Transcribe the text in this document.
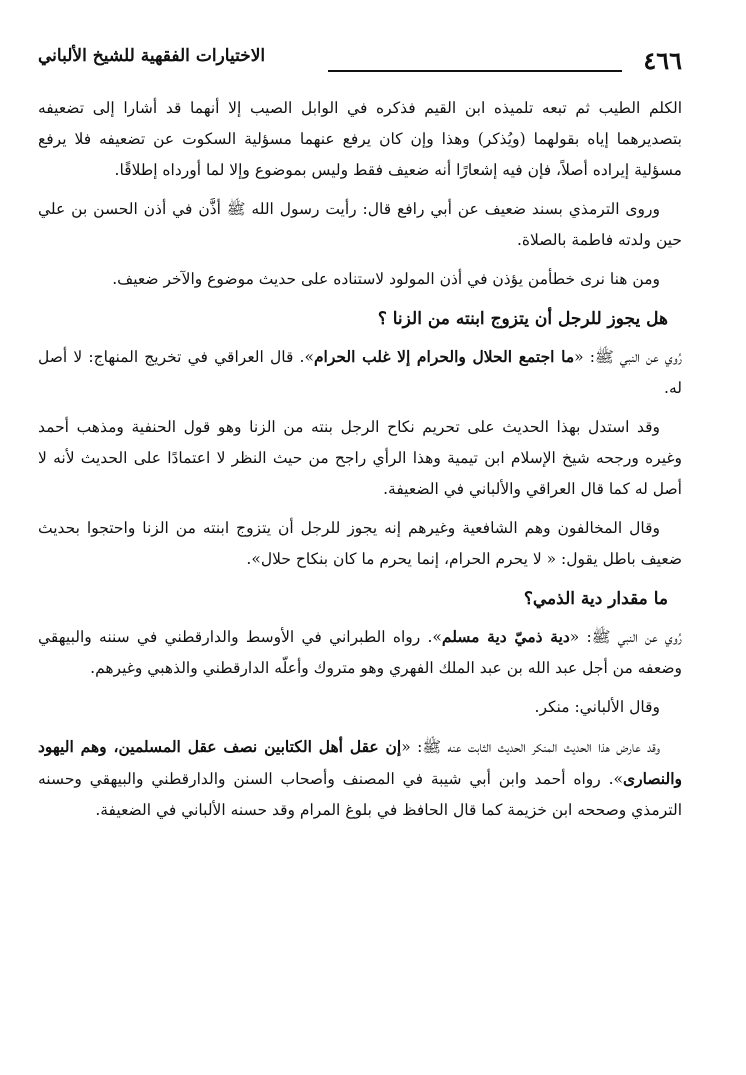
٤٦٦
الاختيارات الفقهية للشيخ الألباني

الكلم الطيب ثم تبعه تلميذه ابن القيم فذكره في الوابل الصيب إلا أنهما قد أشارا إلى تضعيفه بتصديرهما إياه بقولهما (ويُذكر) وهذا وإن كان يرفع عنهما مسؤلية السكوت عن تضعيفه فلا يرفع مسؤلية إيراده أصلاً، فإن فيه إشعارًا أنه ضعيف فقط وليس بموضوع وإلا لما أورداه إطلاقًا.

وروى الترمذي بسند ضعيف عن أبي رافع قال: رأيت رسول الله ﷺ أذَّن في أذن الحسن بن علي حين ولدته فاطمة بالصلاة.

ومن هنا نرى خطأمن يؤذن في أذن المولود لاستناده على حديث موضوع والآخر ضعيف.

هل يجوز للرجل أن يتزوج ابنته من الزنا ؟

رُوي عن النبي ﷺ: «ما اجتمع الحلال والحرام إلا غلب الحرام». قال العراقي في تخريج المنهاج: لا أصل له.

وقد استدل بهذا الحديث على تحريم نكاح الرجل بنته من الزنا وهو قول الحنفية ومذهب أحمد وغيره ورجحه شيخ الإسلام ابن تيمية وهذا الرأي راجح من حيث النظر لا اعتمادًا على الحديث لأنه لا أصل له كما قال العراقي والألباني في الضعيفة.

وقال المخالفون وهم الشافعية وغيرهم إنه يجوز للرجل أن يتزوج ابنته من الزنا واحتجوا بحديث ضعيف باطل يقول: « لا يحرم الحرام، إنما يحرم ما كان بنكاح حلال».

ما مقدار دية الذمي؟

رُوي عن النبي ﷺ: «دية ذميّ دية مسلم». رواه الطبراني في الأوسط والدارقطني في سننه والبيهقي وضعفه من أجل عبد الله بن عبد الملك الفهري وهو متروك وأعلّه الدارقطني والذهبي وغيرهم.

وقال الألباني: منكر.

وقد عارض هذا الحديث المنكر الحديث الثابت عنه ﷺ: «إن عقل أهل الكتابين نصف عقل المسلمين، وهم اليهود والنصارى». رواه أحمد وابن أبي شيبة في المصنف وأصحاب السنن والدارقطني والبيهقي وحسنه الترمذي وصححه ابن خزيمة كما قال الحافظ في بلوغ المرام وقد حسنه الألباني في الضعيفة.
